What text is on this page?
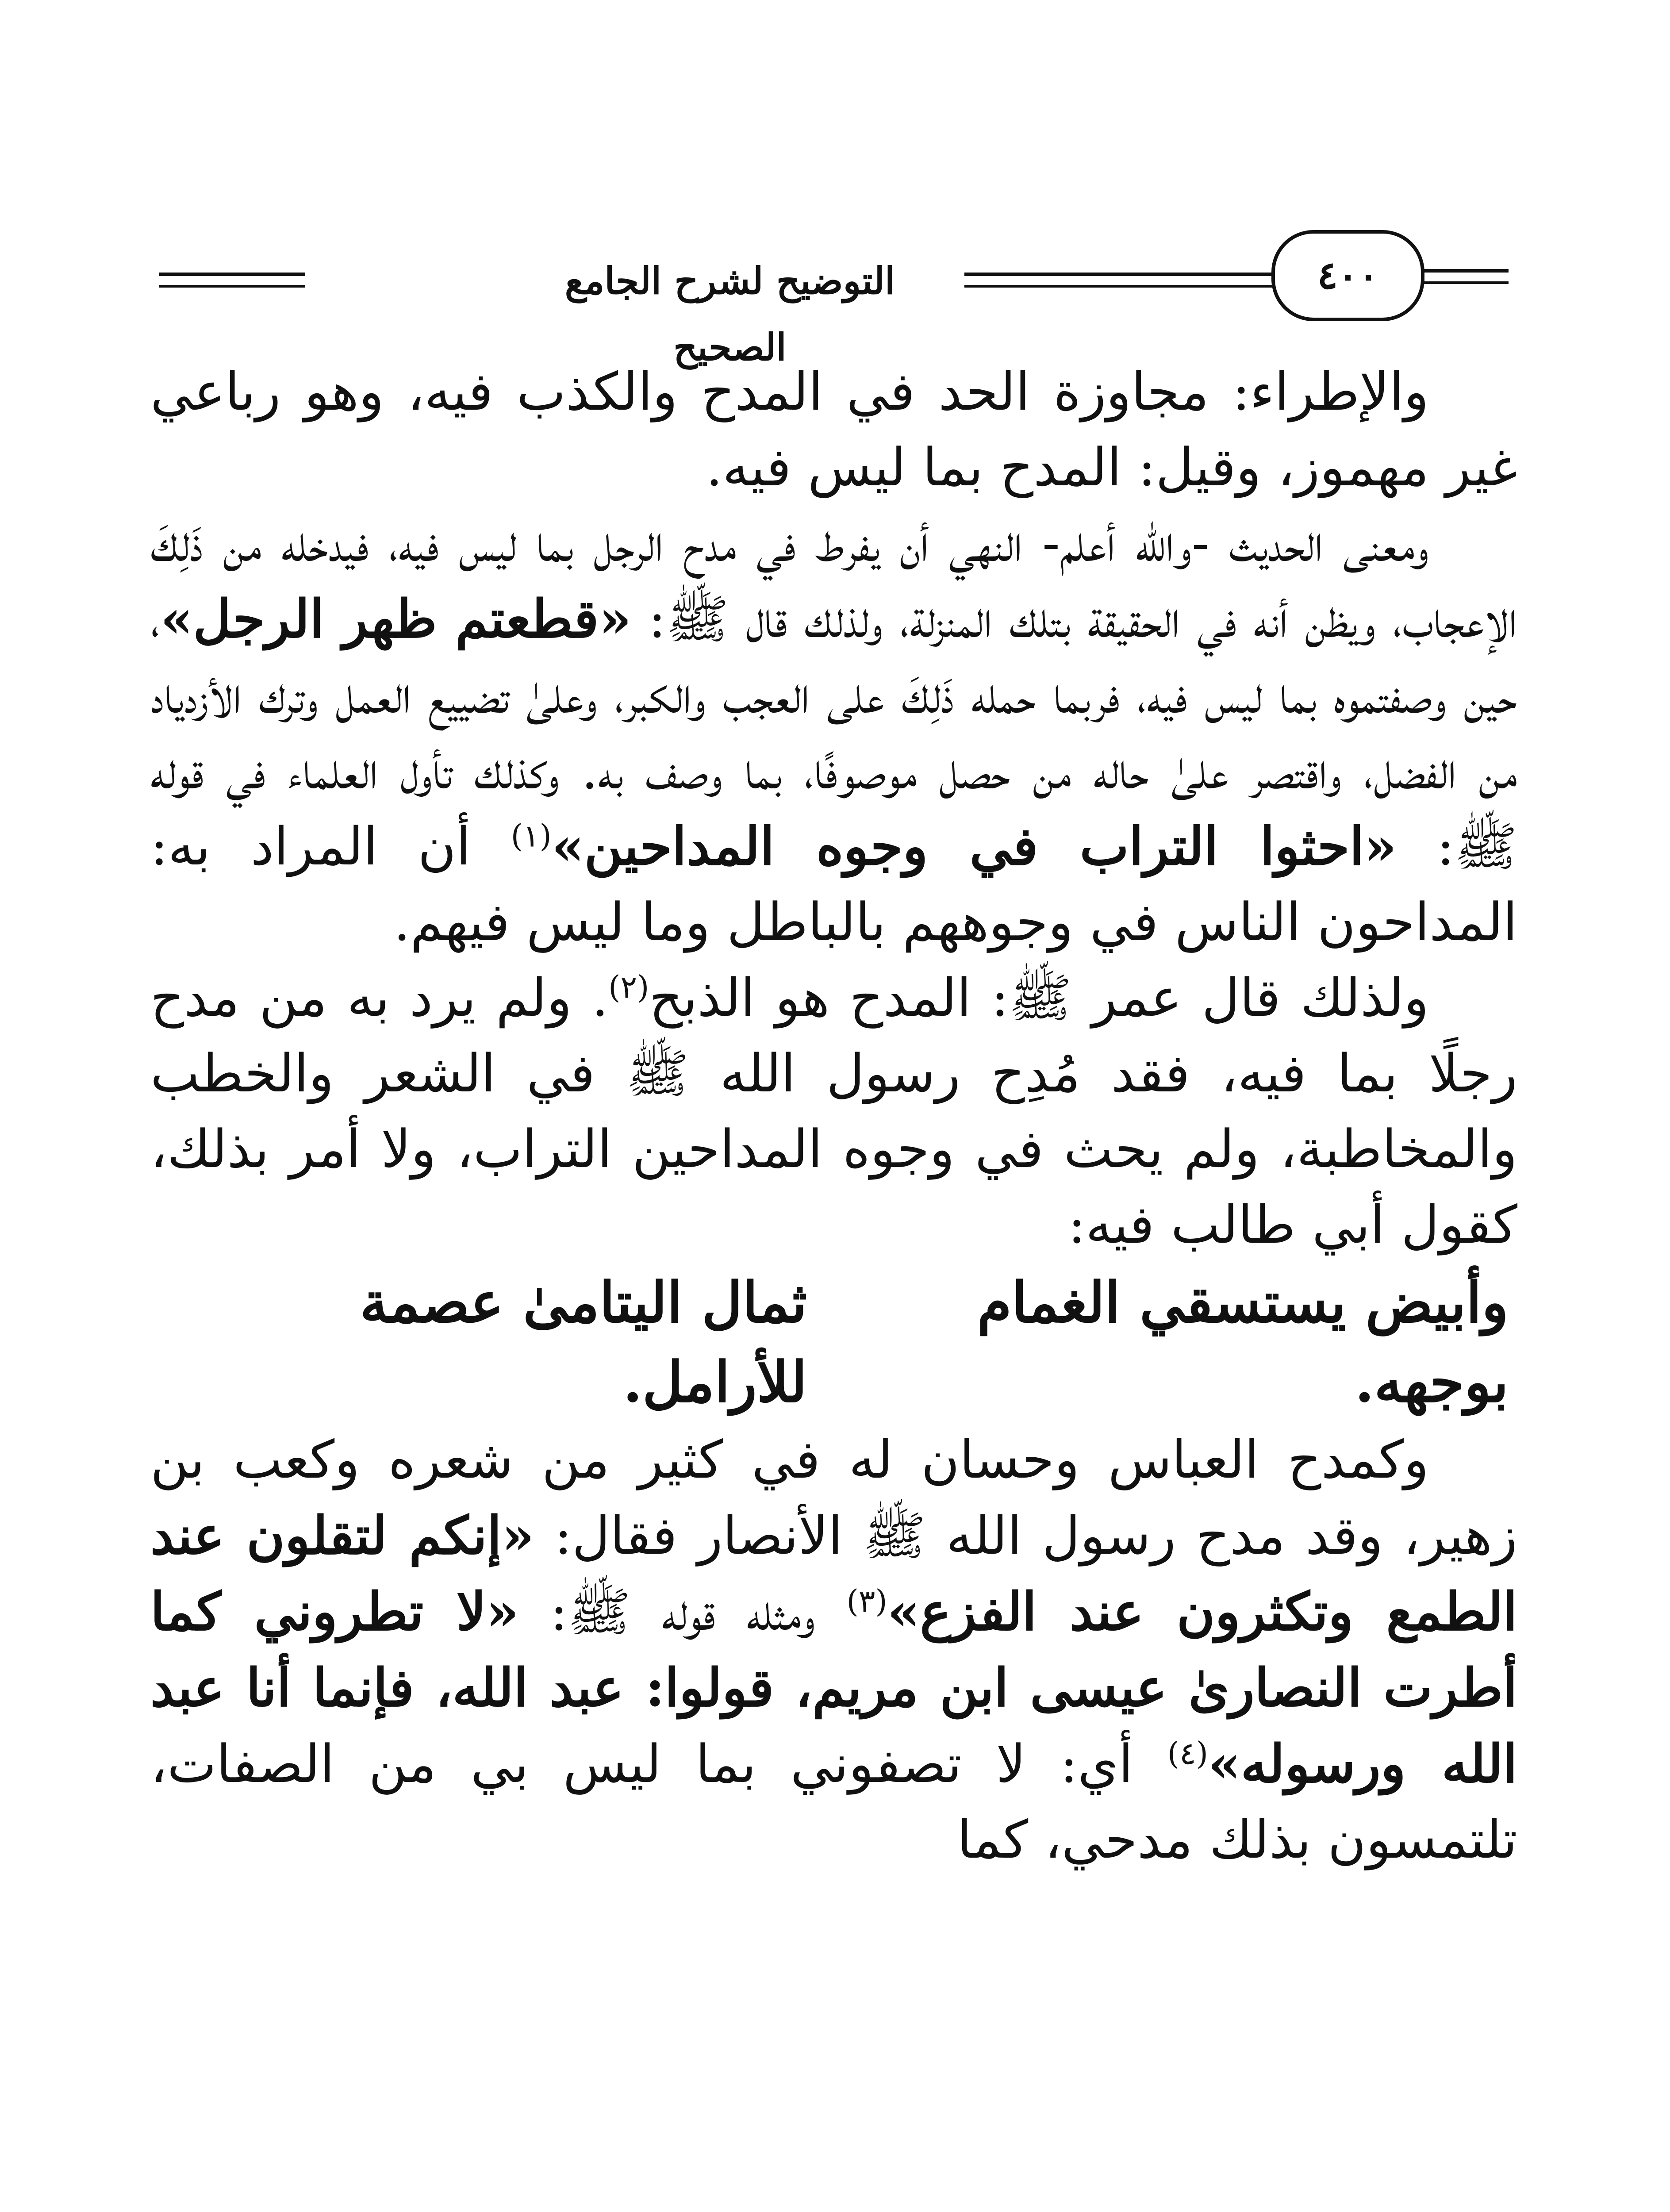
التوضيح لشرح الجامع الصحيح
٤٠٠

والإطراء: مجاوزة الحد في المدح والكذب فيه، وهو رباعي غير مهموز، وقيل: المدح بما ليس فيه.

ومعنى الحديث -والله أعلم- النهي أن يفرط في مدح الرجل بما ليس فيه، فيدخله من ذَلِكَ الإعجاب، ويظن أنه في الحقيقة بتلك المنزلة، ولذلك قال ﷺ: «قطعتم ظهر الرجل»، حين وصفتموه بما ليس فيه، فربما حمله ذَلِكَ على العجب والكبر، وعلىٰ تضييع العمل وترك الأزدياد من الفضل، واقتصر علىٰ حاله من حصل موصوفًا، بما وصف به. وكذلك تأول العلماء في قوله ﷺ: «احثوا التراب في وجوه المداحين»$^{(١)}$ أن المراد به: المداحون الناس في وجوههم بالباطل وما ليس فيهم.

ولذلك قال عمر ﷺ: المدح هو الذبح$^{(٢)}$. ولم يرد به من مدح رجلًا بما فيه، فقد مُدِح رسول الله ﷺ في الشعر والخطب والمخاطبة، ولم يحث في وجوه المداحين التراب، ولا أمر بذلك، كقول أبي طالب فيه:

وأبيض يستسقي الغمام بوجهه.
ثمال اليتامىٰ عصمة للأرامل.

وكمدح العباس وحسان له في كثير من شعره وكعب بن زهير، وقد مدح رسول الله ﷺ الأنصار فقال: «إنكم لتقلون عند الطمع وتكثرون عند الفزع»$^{(٣)}$ ومثله قوله ﷺ: «لا تطروني كما أطرت النصارىٰ عيسى ابن مريم، قولوا: عبد الله، فإنما أنا عبد الله ورسوله»$^{(٤)}$ أي: لا تصفوني بما ليس بي من الصفات، تلتمسون بذلك مدحي، كما
